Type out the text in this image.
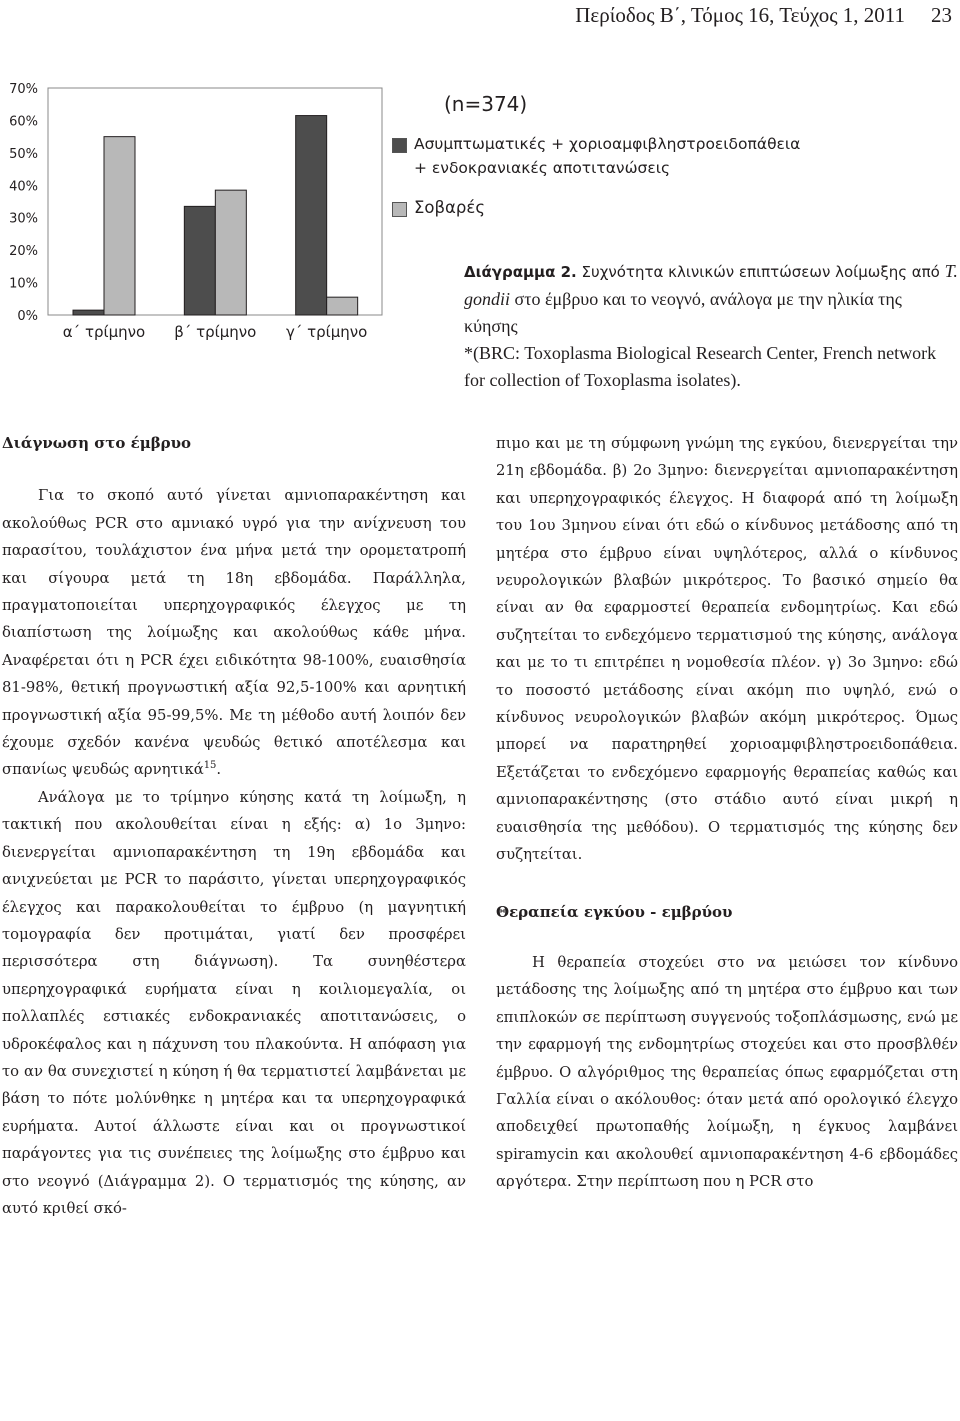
Περίοδος Β΄, Τόμος 16, Τεύχος 1, 2011 23
0%
10%
20%
30%
40%
50%
60%
70%
α΄ τρίμηνο β΄ τρίμηνο γ΄ τρίμηνο
(n=374)
Ασυμπτωματικές + χοριοαμφιβληστροειδοπάθεια
+ ενδοκρανιακές αποτιτανώσεις
Σοβαρές
Διάγραμμα 2. Συχνότητα κλινικών επιπτώσεων λοίμωξης από T. gondii στο έμβρυο και το νεογνό, ανάλογα με την ηλικία της κύησης
*(BRC: Toxoplasma Biological Research Center, French network for collection of Toxoplasma isolates).

Διάγνωση στο έμβρυο

Για το σκοπό αυτό γίνεται αμνιοπαρακέντηση και ακολούθως PCR στο αμνιακό υγρό για την ανίχνευση του παρασίτου, τουλάχιστον ένα μήνα μετά την ορομετατροπή και σίγουρα μετά τη 18η εβδομάδα. Παράλληλα, πραγματοποιείται υπερηχογραφικός έλεγχος με τη διαπίστωση της λοίμωξης και ακολούθως κάθε μήνα. Αναφέρεται ότι η PCR έχει ειδικότητα 98-100%, ευαισθησία 81-98%, θετική προγνωστική αξία 92,5-100% και αρνητική προγνωστική αξία 95-99,5%. Με τη μέθοδο αυτή λοιπόν δεν έχουμε σχεδόν κανένα ψευδώς θετικό αποτέλεσμα και σπανίως ψευδώς αρνητικά$^{15}$.

Ανάλογα με το τρίμηνο κύησης κατά τη λοίμωξη, η τακτική που ακολουθείται είναι η εξής: α) 1ο 3μηνο: διενεργείται αμνιοπαρακέντηση τη 19η εβδομάδα και ανιχνεύεται με PCR το παράσιτο, γίνεται υπερηχογραφικός έλεγχος και παρακολουθείται το έμβρυο (η μαγνητική τομογραφία δεν προτιμάται, γιατί δεν προσφέρει περισσότερα στη διάγνωση). Τα συνηθέστερα υπερηχογραφικά ευρήματα είναι η κοιλιομεγαλία, οι πολλαπλές εστιακές ενδοκρανιακές αποτιτανώσεις, ο υδροκέφαλος και η πάχυνση του πλακούντα. Η απόφαση για το αν θα συνεχιστεί η κύηση ή θα τερματιστεί λαμβάνεται με βάση το πότε μολύνθηκε η μητέρα και τα υπερηχογραφικά ευρήματα. Αυτοί άλλωστε είναι και οι προγνωστικοί παράγοντες για τις συνέπειες της λοίμωξης στο έμβρυο και στο νεογνό (Διάγραμμα 2). Ο τερματισμός της κύησης, αν αυτό κριθεί σκό-

πιμο και με τη σύμφωνη γνώμη της εγκύου, διενεργείται την 21η εβδομάδα. β) 2ο 3μηνο: διενεργείται αμνιοπαρακέντηση και υπερηχογραφικός έλεγχος. Η διαφορά από τη λοίμωξη του 1ου 3μηνου είναι ότι εδώ ο κίνδυνος μετάδοσης από τη μητέρα στο έμβρυο είναι υψηλότερος, αλλά ο κίνδυνος νευρολογικών βλαβών μικρότερος. Το βασικό σημείο θα είναι αν θα εφαρμοστεί θεραπεία ενδομητρίως. Και εδώ συζητείται το ενδεχόμενο τερματισμού της κύησης, ανάλογα και με το τι επιτρέπει η νομοθεσία πλέον. γ) 3ο 3μηνο: εδώ το ποσοστό μετάδοσης είναι ακόμη πιο υψηλό, ενώ ο κίνδυνος νευρολογικών βλαβών ακόμη μικρότερος. Όμως μπορεί να παρατηρηθεί χοριοαμφιβληστροειδοπάθεια. Εξετάζεται το ενδεχόμενο εφαρμογής θεραπείας καθώς και αμνιοπαρακέντησης (στο στάδιο αυτό είναι μικρή η ευαισθησία της μεθόδου). Ο τερματισμός της κύησης δεν συζητείται.

Θεραπεία εγκύου - εμβρύου

Η θεραπεία στοχεύει στο να μειώσει τον κίνδυνο μετάδοσης της λοίμωξης από τη μητέρα στο έμβρυο και των επιπλοκών σε περίπτωση συγγενούς τοξοπλάσμωσης, ενώ με την εφαρμογή της ενδομητρίως στοχεύει και στο προσβλθέν έμβρυο. Ο αλγόριθμος της θεραπείας όπως εφαρμόζεται στη Γαλλία είναι ο ακόλουθος: όταν μετά από ορολογικό έλεγχο αποδειχθεί πρωτοπαθής λοίμωξη, η έγκυος λαμβάνει spiramycin και ακολουθεί αμνιοπαρακέντηση 4-6 εβδομάδες αργότερα. Στην περίπτωση που η PCR στο
